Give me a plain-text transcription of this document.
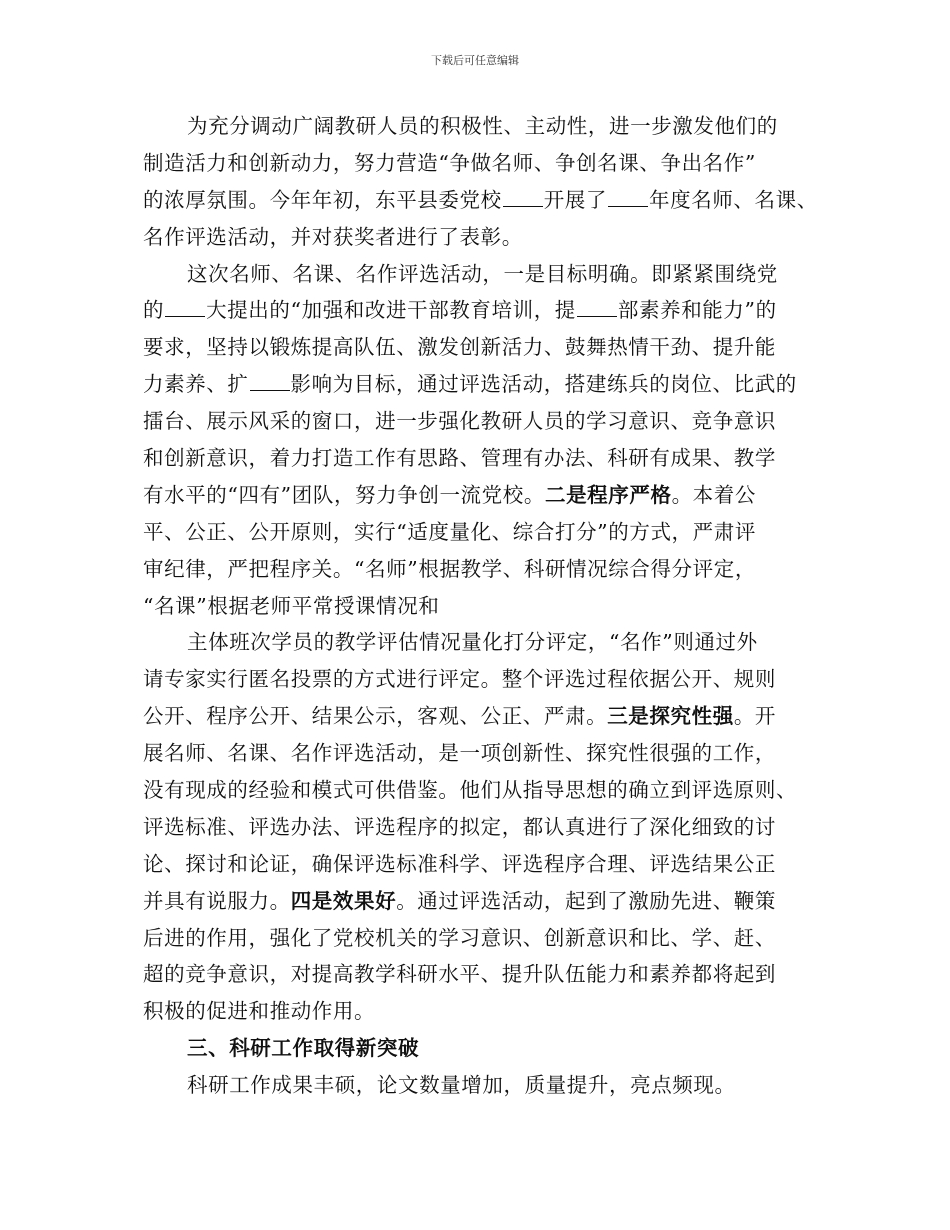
下载后可任意编辑
为充分调动广阔教研人员的积极性、主动性，进一步激发他们的
制造活力和创新动力，努力营造“争做名师、争创名课、争出名作”
的浓厚氛围。今年年初，东平县委党校 开展了 年度名师、名课、
名作评选活动，并对获奖者进行了表彰。
这次名师、名课、名作评选活动，一是目标明确。即紧紧围绕党
的 大提出的“加强和改进干部教育培训，提 部素养和能力”的
要求，坚持以锻炼提高队伍、激发创新活力、鼓舞热情干劲、提升能
力素养、扩 影响为目标，通过评选活动，搭建练兵的岗位、比武的
擂台、展示风采的窗口，进一步强化教研人员的学习意识、竞争意识
和创新意识，着力打造工作有思路、管理有办法、科研有成果、教学
有水平的“四有”团队，努力争创一流党校。二是程序严格。本着公
平、公正、公开原则，实行“适度量化、综合打分”的方式，严肃评
审纪律，严把程序关。“名师”根据教学、科研情况综合得分评定，
“名课”根据老师平常授课情况和
主体班次学员的教学评估情况量化打分评定，“名作”则通过外
请专家实行匿名投票的方式进行评定。整个评选过程依据公开、规则
公开、程序公开、结果公示，客观、公正、严肃。三是探究性强。开
展名师、名课、名作评选活动，是一项创新性、探究性很强的工作，
没有现成的经验和模式可供借鉴。他们从指导思想的确立到评选原则、
评选标准、评选办法、评选程序的拟定，都认真进行了深化细致的讨
论、探讨和论证，确保评选标准科学、评选程序合理、评选结果公正
并具有说服力。四是效果好。通过评选活动，起到了激励先进、鞭策
后进的作用，强化了党校机关的学习意识、创新意识和比、学、赶、
超的竞争意识，对提高教学科研水平、提升队伍能力和素养都将起到
积极的促进和推动作用。
三、科研工作取得新突破
科研工作成果丰硕，论文数量增加，质量提升，亮点频现。
